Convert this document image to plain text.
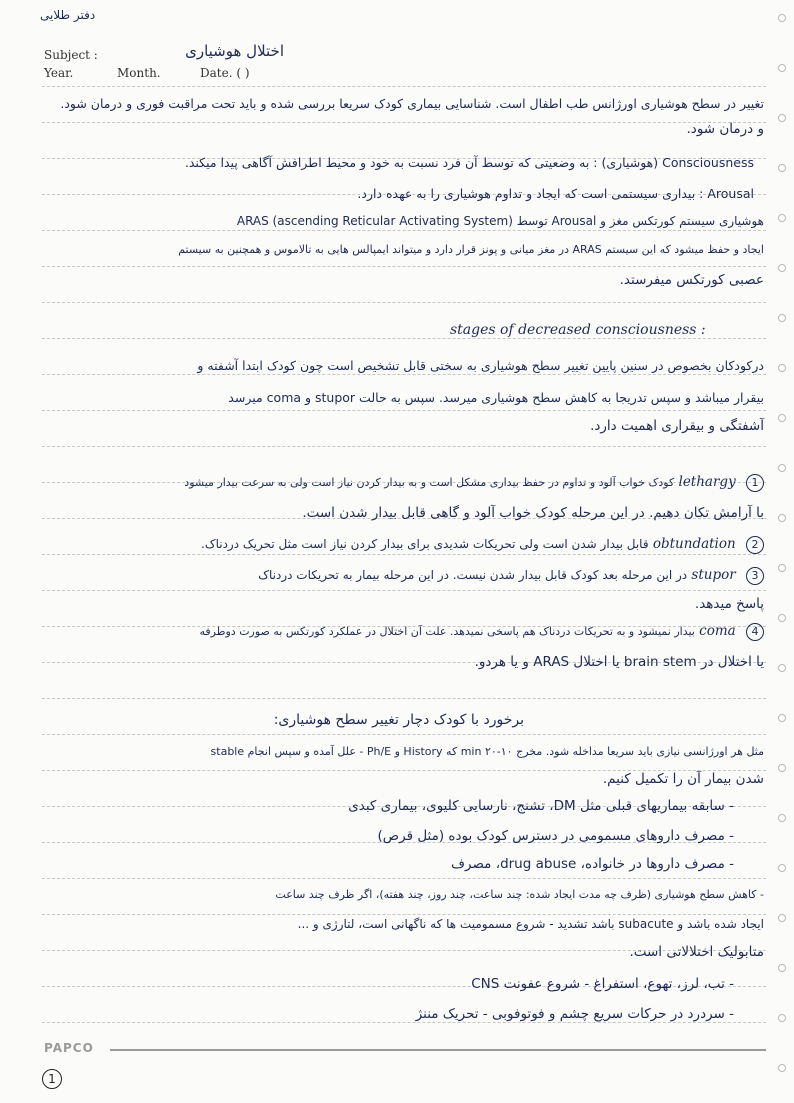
دفتر طلایی
Subject :	اختلال هوشیاری
Year.	Month.	Date. ( )
تغییر در سطح هوشیاری اورژانس طب اطفال است. شناسایی بیماری کودک سریعا بررسی شده و باید تحت مراقبت فوری و درمان شود.
و درمان شود.
Consciousness (هوشیاری) : به وضعیتی که توسط آن فرد نسبت به خود و محیط اطرافش آگاهی پیدا میکند.
Arousal : بیداری سیستمی است که ایجاد و تداوم هوشیاری را به عهده دارد.
هوشیاری سیستم کورتکس مغز و Arousal توسط ARAS (ascending Reticular Activating System)
ایجاد و حفظ میشود که این سیستم ARAS در مغز میانی و پونز قرار دارد و میتواند ایمپالس هایی به تالاموس و همچنین به سیستم
عصبی کورتکس میفرستد.
stages of decreased consciousness :
درکودکان بخصوص در سنین پایین تغییر سطح هوشیاری به سختی قابل تشخیص است چون کودک ابتدا آشفته و
بیقرار میباشد و سپس تدریجا به کاهش سطح هوشیاری میرسد. سپس به حالت stupor و coma میرسد
آشفتگی و بیقراری اهمیت دارد.
1 lethargy کودک خواب آلود و تداوم در حفظ بیداری مشکل است و به بیدار کردن نیاز است ولی به سرعت بیدار میشود
با آرامش تکان دهیم. در این مرحله کودک خواب آلود و گاهی قابل بیدار شدن است.
2 obtundation قابل بیدار شدن است ولی تحریکات شدیدی برای بیدار کردن نیاز است مثل تحریک دردناک.
3 stupor در این مرحله بعد کودک قابل بیدار شدن نیست. در این مرحله بیمار به تحریکات دردناک
پاسخ میدهد.
4 coma بیدار نمیشود و به تحریکات دردناک هم پاسخی نمیدهد. علت آن اختلال در عملکرد کورتکس به صورت دوطرفه
یا اختلال در brain stem یا اختلال ARAS و یا هردو.
برخورد با کودک دچار تغییر سطح هوشیاری:
مثل هر اورژانسی نیازی باید سریعا مداخله شود. مخرج ۱۰-۲۰ min که History و Ph/E - علل آمده و سپس انجام stable
شدن بیمار آن را تکمیل کنیم.
- سابقه بیماریهای قبلی مثل DM، تشنج، نارسایی کلیوی، بیماری کبدی
- مصرف داروهای مسمومی در دسترس کودک بوده (مثل قرص)
- مصرف داروها در خانواده، drug abuse، مصرف
- کاهش سطح هوشیاری (ظرف چه مدت ایجاد شده: چند ساعت، چند روز، چند هفته)، اگر ظرف چند ساعت
ایجاد شده باشد و subacute باشد تشدید - شروع مسمومیت ها که ناگهانی است، لتارژی و ...
متابولیک اختلالاتی است.
- تب، لرز، تهوع، استفراغ - شروع عفونت CNS
- سردرد در حرکات سریع چشم و فوتوفوبی - تحریک مننژ
PAPCO
1
